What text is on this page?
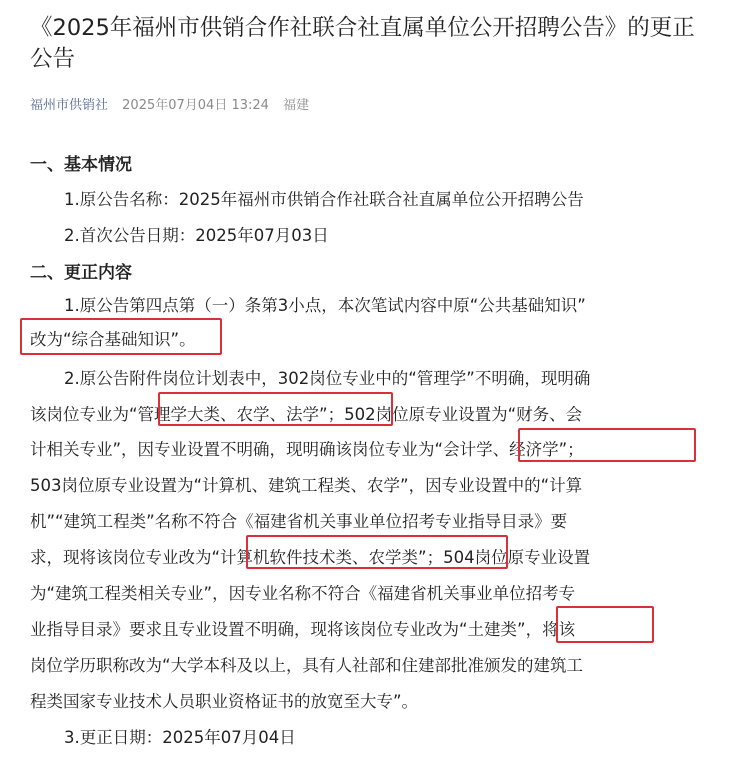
《2025年福州市供销合作社联合社直属单位公开招聘公告》的更正公告
福州市供销社 2025年07月04日 13:24 福建
一、基本情况
1.原公告名称：2025年福州市供销合作社联合社直属单位公开招聘公告
2.首次公告日期：2025年07月03日
二、更正内容
1.原公告第四点第（一）条第3小点，本次笔试内容中原“公共基础知识”
改为“综合基础知识”。
2.原公告附件岗位计划表中，302岗位专业中的“管理学”不明确，现明确
该岗位专业为“管理学大类、农学、法学”；502岗位原专业设置为“财务、会
计相关专业”，因专业设置不明确，现明确该岗位专业为“会计学、经济学”；
503岗位原专业设置为“计算机、建筑工程类、农学”，因专业设置中的“计算
机”“建筑工程类”名称不符合《福建省机关事业单位招考专业指导目录》要
求，现将该岗位专业改为“计算机软件技术类、农学类”；504岗位原专业设置
为“建筑工程类相关专业”，因专业名称不符合《福建省机关事业单位招考专
业指导目录》要求且专业设置不明确，现将该岗位专业改为“土建类”，将该
岗位学历职称改为“大学本科及以上，具有人社部和住建部批准颁发的建筑工
程类国家专业技术人员职业资格证书的放宽至大专”。
3.更正日期：2025年07月04日
